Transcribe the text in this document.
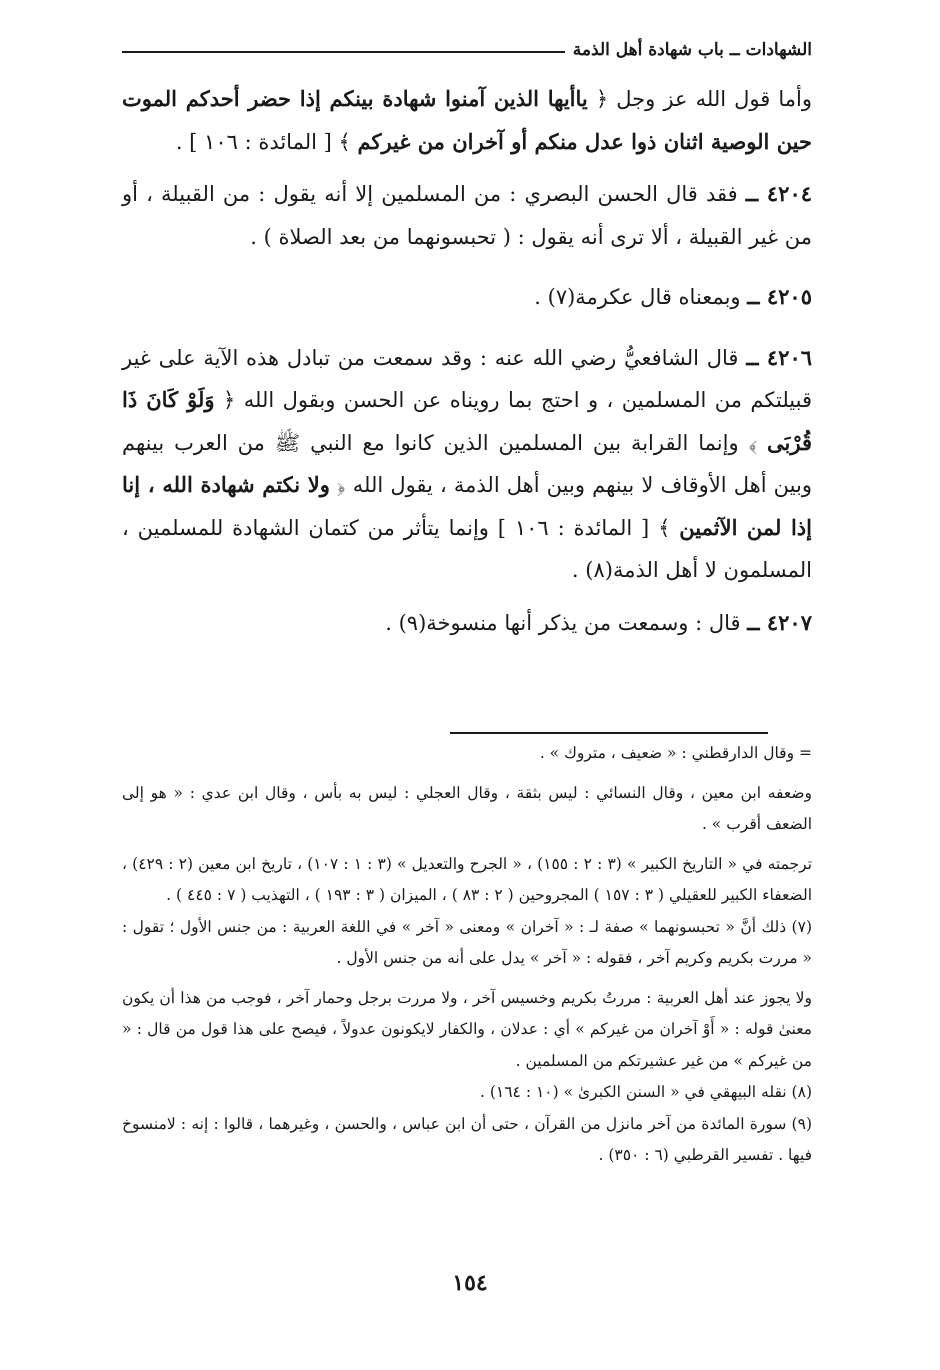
الشهادات ــ باب شهادة أهل الذمة

وأما قول الله عز وجل ﴿ ياأيها الذين آمنوا شهادة بينكم إذا حضر أحدكم الموت حين الوصية اثنان ذوا عدل منكم أو آخران من غيركم ﴾ [ المائدة : ١٠٦ ] .

٤٢٠٤ ــ فقد قال الحسن البصري : من المسلمين إلا أنه يقول : من القبيلة ، أو من غير القبيلة ، ألا ترى أنه يقول : ( تحبسونهما من بعد الصلاة ) .

٤٢٠٥ ــ وبمعناه قال عكرمة(٧) .

٤٢٠٦ ــ قال الشافعيُّ رضي الله عنه : وقد سمعت من تبادل هذه الآية على غير قبيلتكم من المسلمين ، و احتج بما رويناه عن الحسن وبقول الله ﴿ وَلَوْ كَانَ ذَا قُرْبَى ﴾ وإنما القرابة بين المسلمين الذين كانوا مع النبي ﷺ من العرب بينهم وبين أهل الأوقاف لا بينهم وبين أهل الذمة ، يقول الله ﴿ ولا نكتم شهادة الله ، إنا إذا لمن الآثمين ﴾ [ المائدة : ١٠٦ ] وإنما يتأثر من كتمان الشهادة للمسلمين ، المسلمون لا أهل الذمة(٨) .

٤٢٠٧ ــ قال : وسمعت من يذكر أنها منسوخة(٩) .

= وقال الدارقطني : « ضعيف ، متروك » .

وضعفه ابن معين ، وقال النسائي : ليس بثقة ، وقال العجلي : ليس به بأس ، وقال ابن عدي : « هو إلى الضعف أقرب » .

ترجمته في « التاريخ الكبير » (٣ : ٢ : ١٥٥) ، « الجرح والتعديل » (٣ : ١ : ١٠٧) ، تاريخ ابن معين (٢ : ٤٢٩) ، الضعفاء الكبير للعقيلي ( ٣ : ١٥٧ ) المجروحين ( ٢ : ٨٣ ) ، الميزان ( ٣ : ١٩٣ ) ، التهذيب ( ٧ : ٤٤٥ ) .

(٧) ذلك أنَّ « تحبسونهما » صفة لـ : « آخران » ومعنى « آخر » في اللغة العربية : من جنس الأول ؛ تقول : « مررت بكريم وكريم آخر ، فقوله : « آخر » يدل على أنه من جنس الأول .

ولا يجوز عند أهل العربية : مررتُ بكريم وخسيس آخر ، ولا مررت برجل وحمار آخر ، فوجب من هذا أن يكون معنىٰ قوله : « أَوْ آخران من غيركم » أي : عدلان ، والكفار لايكونون عدولاً ، فيصح على هذا قول من قال : « من غيركم » من غير عشيرتكم من المسلمين .

(٨) نقله البيهقي في « السنن الكبرىٰ » (١٠ : ١٦٤) .

(٩) سورة المائدة من آخر مانزل من القرآن ، حتى أن ابن عباس ، والحسن ، وغيرهما ، قالوا : إنه : لامنسوخ فيها . تفسير القرطبي (٦ : ٣٥٠) .

١٥٤
